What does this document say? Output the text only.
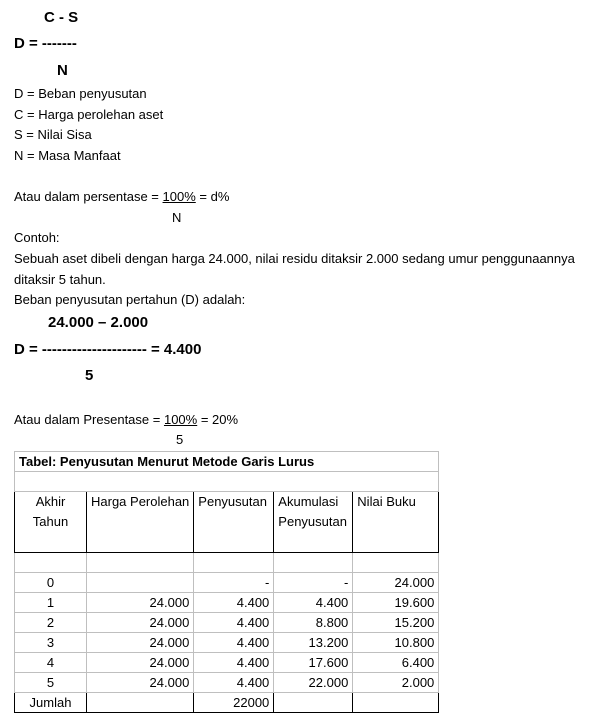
C - S
D = -------
N
D = Beban penyusutan
C = Harga perolehan aset
S = Nilai Sisa
N = Masa Manfaat
Atau dalam persentase = 100% = d%
N
Contoh:
Sebuah aset dibeli dengan harga 24.000, nilai residu ditaksir 2.000 sedang umur penggunaannya
ditaksir 5 tahun.
Beban penyusutan pertahun (D) adalah:
24.000 – 2.000
D = --------------------- = 4.400
5
Atau dalam Presentase = 100% = 20%
5
Tabel: Penyusutan Menurut Metode Garis Lurus				

Akhir Tahun	Harga Perolehan	Penyusutan	Akumulasi Penyusutan	Nilai Buku

0		-	-	24.000
1	24.000	4.400	4.400	19.600
2	24.000	4.400	8.800	15.200
3	24.000	4.400	13.200	10.800
4	24.000	4.400	17.600	6.400
5	24.000	4.400	22.000	2.000
Jumlah		22000		
